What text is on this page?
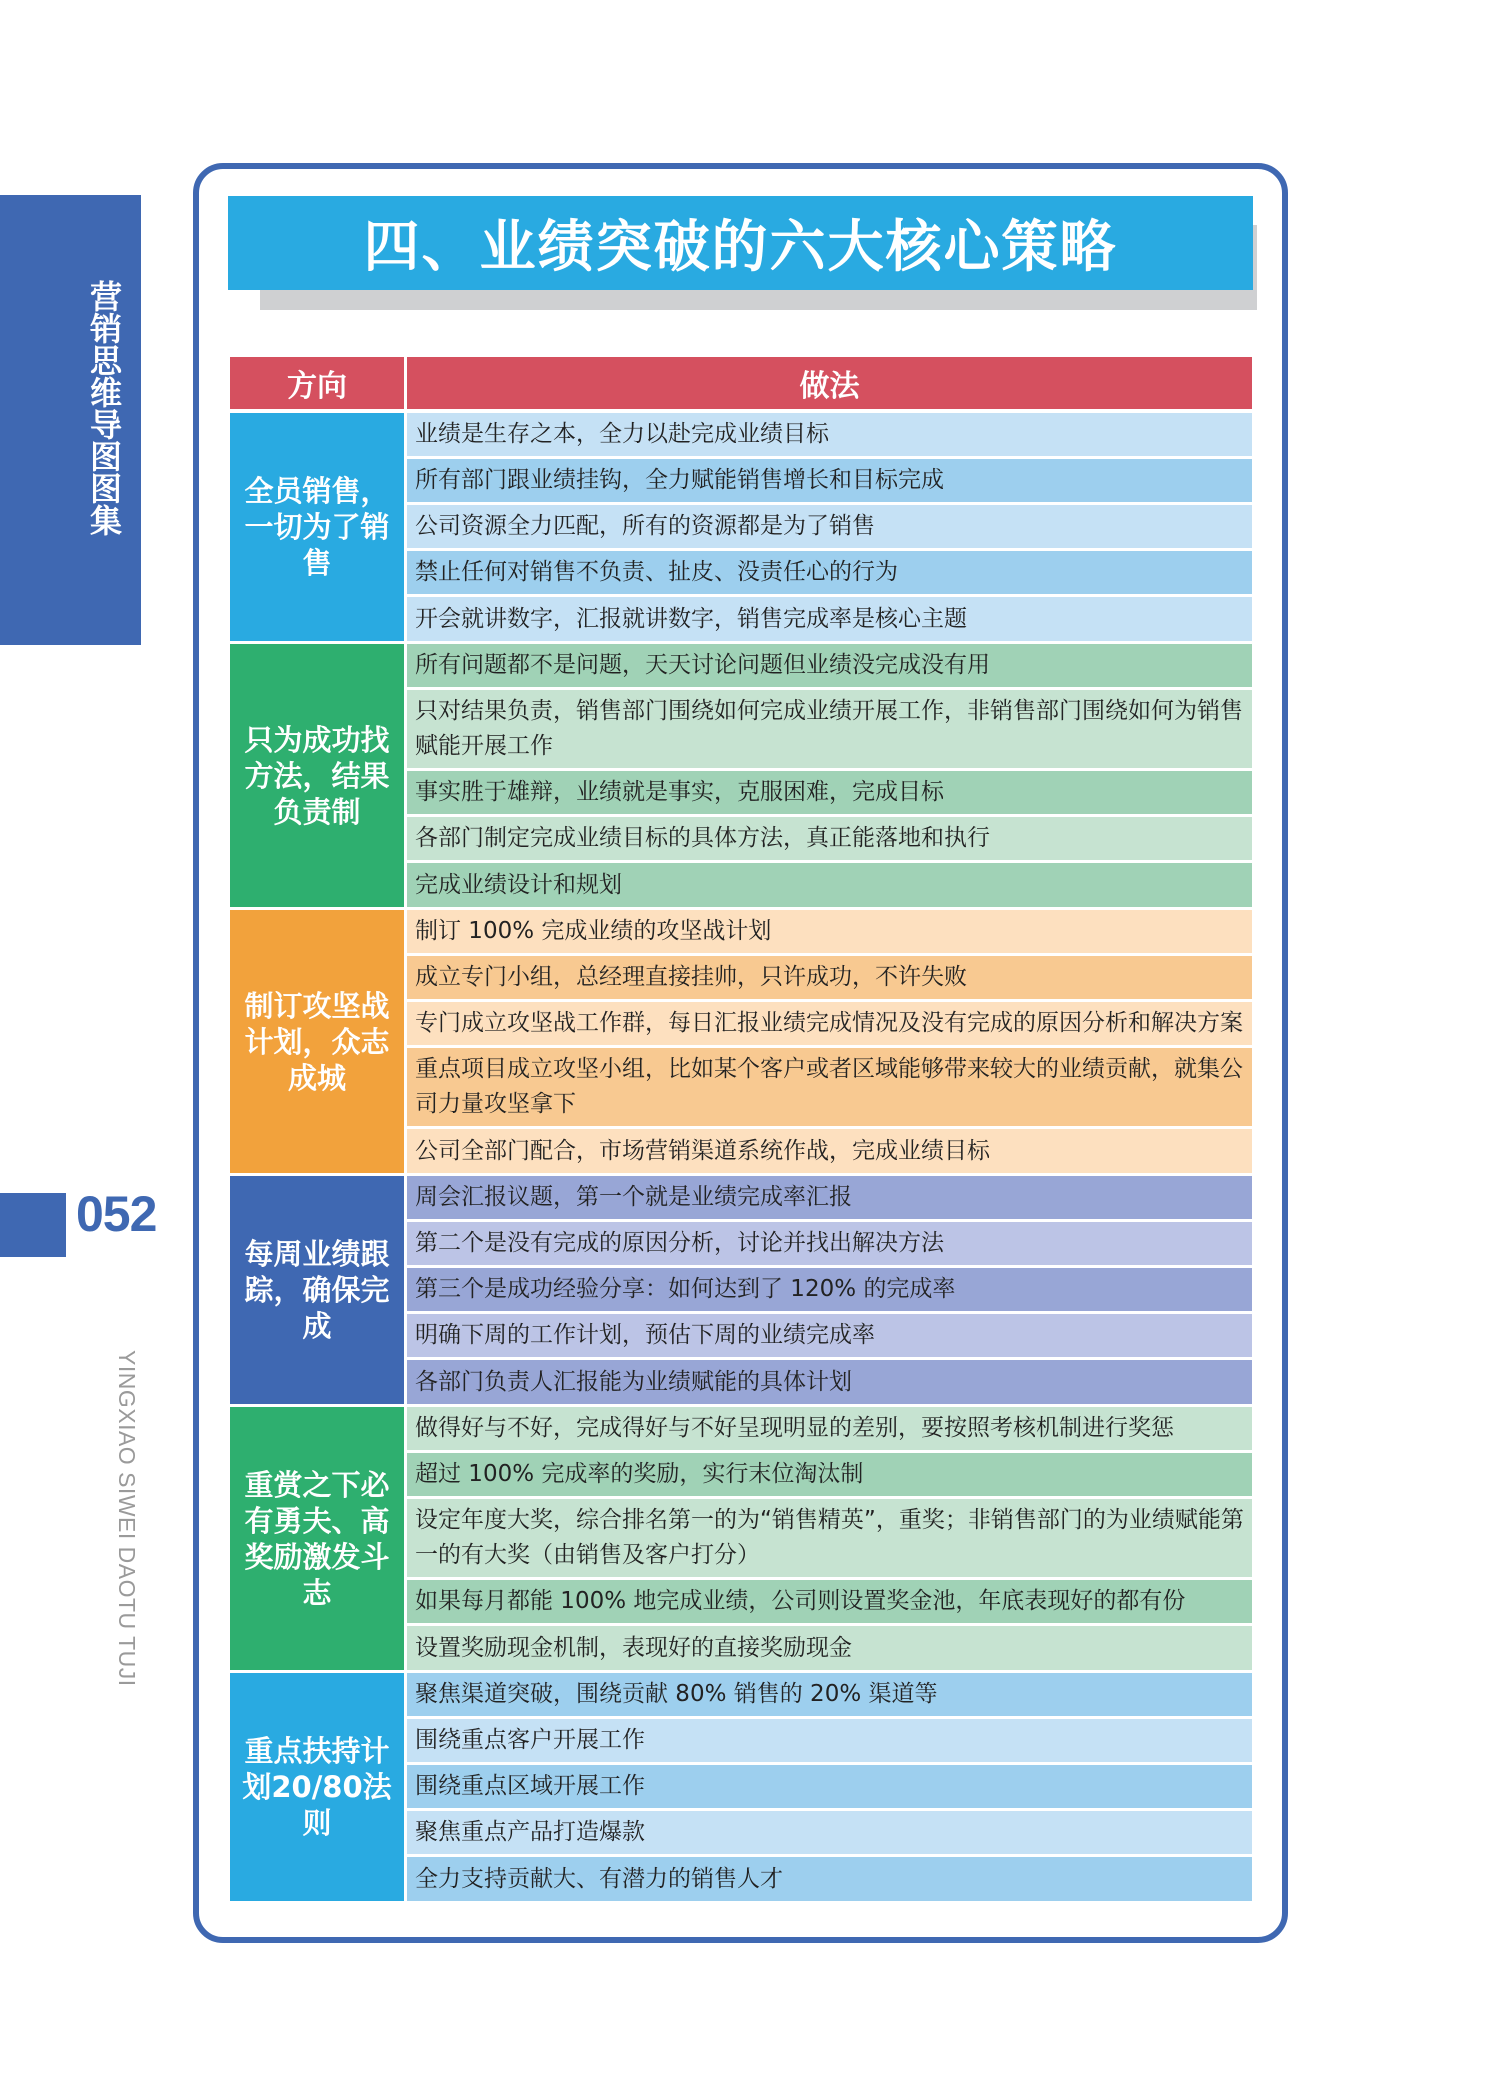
营销思维导图图集
052
YINGXIAO SIWEI DAOTU TUJI
四、业绩突破的六大核心策略
方向	做法
全员销售，一切为了销售
业绩是生存之本，全力以赴完成业绩目标
所有部门跟业绩挂钩，全力赋能销售增长和目标完成
公司资源全力匹配，所有的资源都是为了销售
禁止任何对销售不负责、扯皮、没责任心的行为
开会就讲数字，汇报就讲数字，销售完成率是核心主题
只为成功找方法，结果负责制
所有问题都不是问题，天天讨论问题但业绩没完成没有用
只对结果负责，销售部门围绕如何完成业绩开展工作，非销售部门围绕如何为销售赋能开展工作
事实胜于雄辩，业绩就是事实，克服困难，完成目标
各部门制定完成业绩目标的具体方法，真正能落地和执行
完成业绩设计和规划
制订攻坚战计划，众志成城
制订 100% 完成业绩的攻坚战计划
成立专门小组，总经理直接挂帅，只许成功，不许失败
专门成立攻坚战工作群，每日汇报业绩完成情况及没有完成的原因分析和解决方案
重点项目成立攻坚小组，比如某个客户或者区域能够带来较大的业绩贡献，就集公司力量攻坚拿下
公司全部门配合，市场营销渠道系统作战，完成业绩目标
每周业绩跟踪，确保完成
周会汇报议题，第一个就是业绩完成率汇报
第二个是没有完成的原因分析，讨论并找出解决方法
第三个是成功经验分享：如何达到了 120% 的完成率
明确下周的工作计划，预估下周的业绩完成率
各部门负责人汇报能为业绩赋能的具体计划
重赏之下必有勇夫、高奖励激发斗志
做得好与不好，完成得好与不好呈现明显的差别，要按照考核机制进行奖惩
超过 100% 完成率的奖励，实行末位淘汰制
设定年度大奖，综合排名第一的为“销售精英”，重奖；非销售部门的为业绩赋能第一的有大奖（由销售及客户打分）
如果每月都能 100% 地完成业绩，公司则设置奖金池，年底表现好的都有份
设置奖励现金机制，表现好的直接奖励现金
重点扶持计划20/80法则
聚焦渠道突破，围绕贡献 80% 销售的 20% 渠道等
围绕重点客户开展工作
围绕重点区域开展工作
聚焦重点产品打造爆款
全力支持贡献大、有潜力的销售人才
